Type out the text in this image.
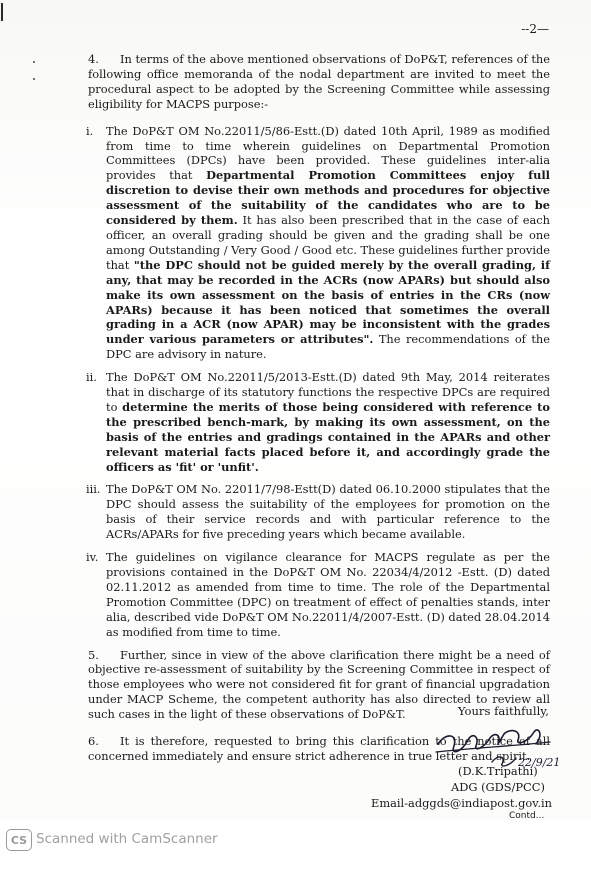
--2—

4. In terms of the above mentioned observations of DoP&T, references of the following office memoranda of the nodal department are invited to meet the procedural aspect to be adopted by the Screening Committee while assessing eligibility for MACPS purpose:-

i.	The DoP&T OM No.22011/5/86-Estt.(D) dated 10th April, 1989 as modified from time to time wherein guidelines on Departmental Promotion Committees (DPCs) have been provided. These guidelines inter-alia provides that Departmental Promotion Committees enjoy full discretion to devise their own methods and procedures for objective assessment of the suitability of the candidates who are to be considered by them. It has also been prescribed that in the case of each officer, an overall grading should be given and the grading shall be one among Outstanding / Very Good / Good etc. These guidelines further provide that "the DPC should not be guided merely by the overall grading, if any, that may be recorded in the ACRs (now APARs) but should also make its own assessment on the basis of entries in the CRs (now APARs) because it has been noticed that sometimes the overall grading in a ACR (now APAR) may be inconsistent with the grades under various parameters or attributes". The recommendations of the DPC are advisory in nature.
ii. The DoP&T OM No.22011/5/2013-Estt.(D) dated 9th May, 2014 reiterates that in discharge of its statutory functions the respective DPCs are required to determine the merits of those being considered with reference to the prescribed bench-mark, by making its own assessment, on the basis of the entries and gradings contained in the APARs and other relevant material facts placed before it, and accordingly grade the officers as 'fit' or 'unfit'.
iii. The DoP&T OM No. 22011/7/98-Estt(D) dated 06.10.2000 stipulates that the DPC should assess the suitability of the employees for promotion on the basis of their service records and with particular reference to the ACRs/APARs for five preceding years which became available.
iv. The guidelines on vigilance clearance for MACPS regulate as per the provisions contained in the DoP&T OM No. 22034/4/2012 -Estt. (D) dated 02.11.2012 as amended from time to time. The role of the Departmental Promotion Committee (DPC) on treatment of effect of penalties stands, inter alia, described vide DoP&T OM No.22011/4/2007-Estt. (D) dated 28.04.2014 as modified from time to time.

5. Further, since in view of the above clarification there might be a need of objective re-assessment of suitability by the Screening Committee in respect of those employees who were not considered fit for grant of financial upgradation under MACP Scheme, the competent authority has also directed to review all such cases in the light of these observations of DoP&T.

6. It is therefore, requested to bring this clarification to the notice of all concerned immediately and ensure strict adherence in true letter and spirit.

Yours faithfully,
22/9/21
(D.K.Tripathi)
ADG (GDS/PCC)
Email-adggds@indiapost.gov.in
Contd...
CS Scanned with CamScanner
